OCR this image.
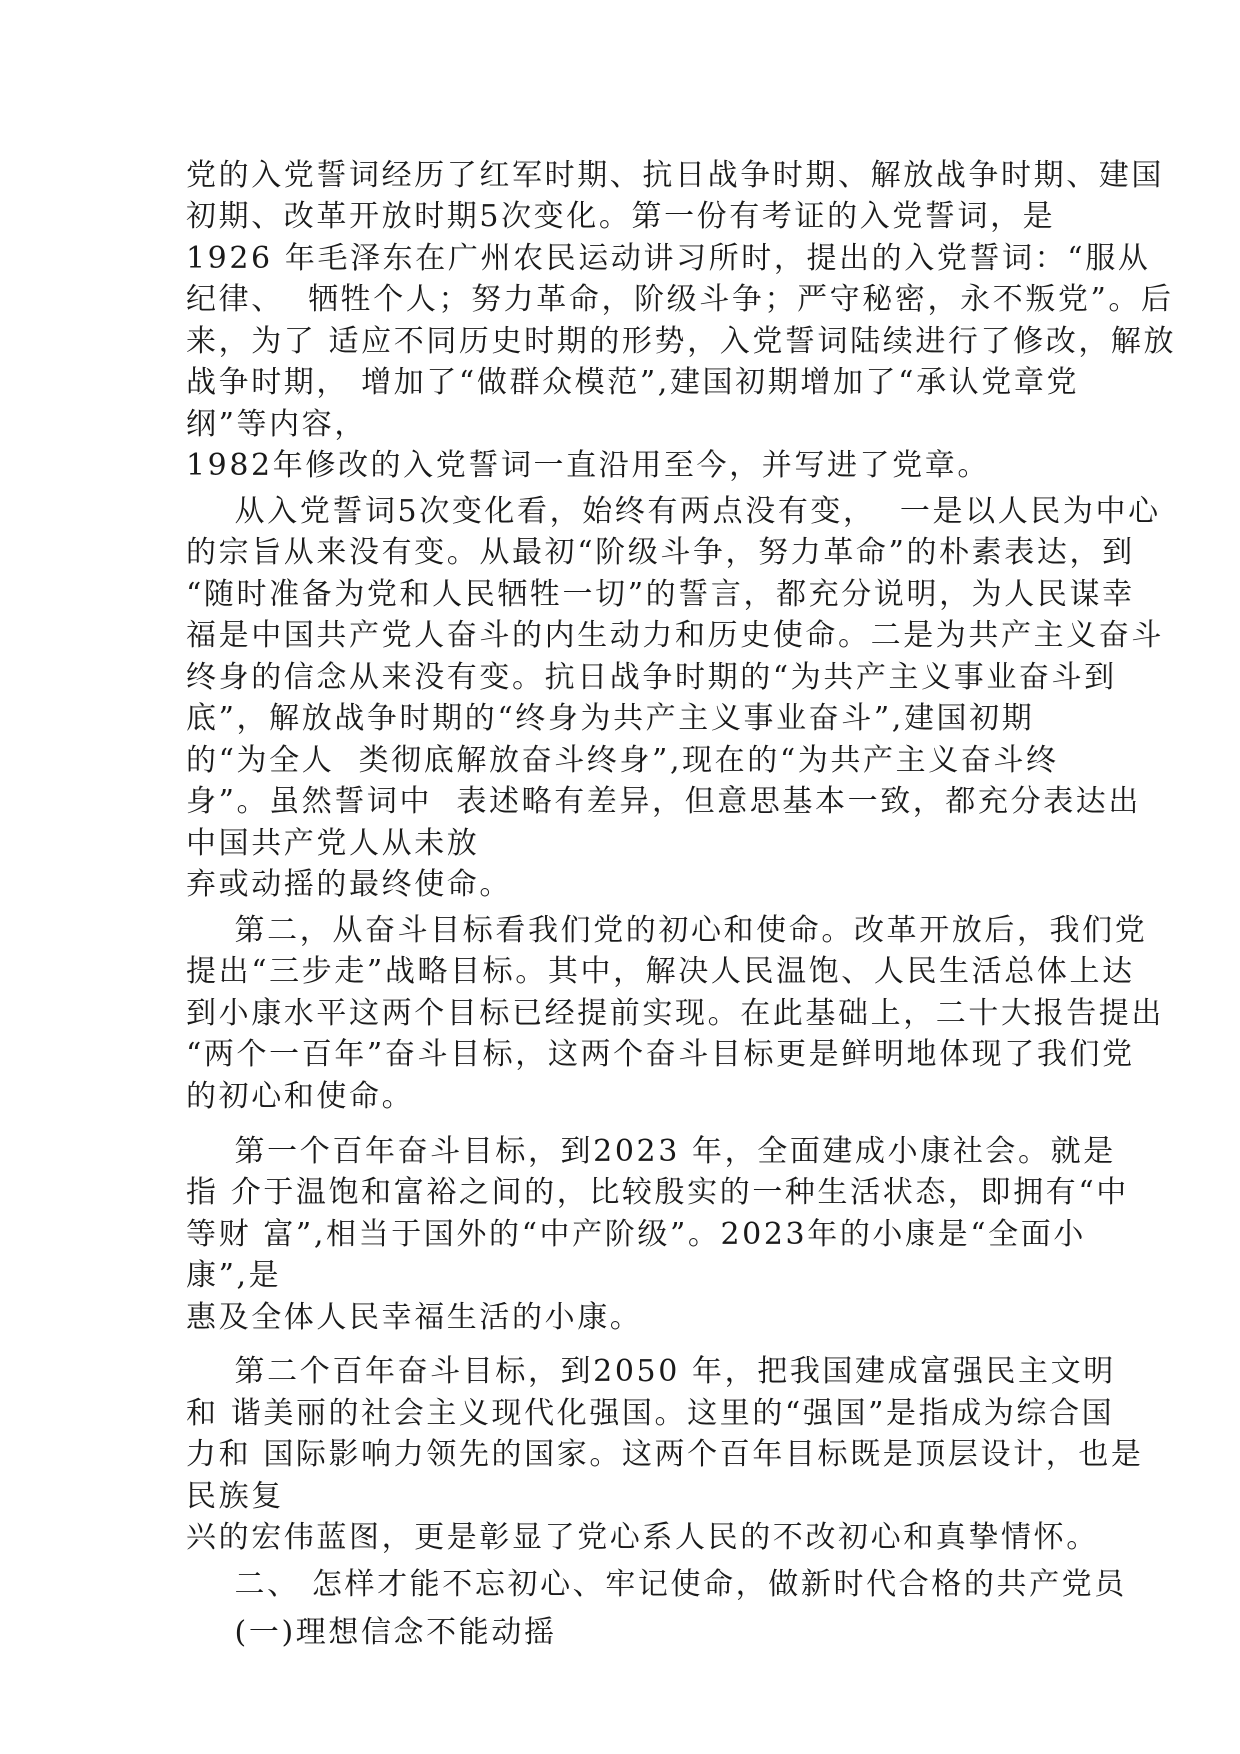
党的入党誓词经历了红军时期、抗日战争时期、解放战争时期、建国
初期、改革开放时期5次变化。第一份有考证的入党誓词，是
1926 年毛泽东在广州农民运动讲习所时，提出的入党誓词：“服从
纪律、  牺牲个人；努力革命，阶级斗争；严守秘密，永不叛党”。后
来，为了 适应不同历史时期的形势，入党誓词陆续进行了修改，解放
战争时期， 增加了“做群众模范”,建国初期增加了“承认党章党
纲”等内容，
1982年修改的入党誓词一直沿用至今，并写进了党章。
从入党誓词5次变化看，始终有两点没有变，  一是以人民为中心
的宗旨从来没有变。从最初“阶级斗争，努力革命”的朴素表达，到
“随时准备为党和人民牺牲一切”的誓言，都充分说明，为人民谋幸
福是中国共产党人奋斗的内生动力和历史使命。二是为共产主义奋斗
终身的信念从来没有变。抗日战争时期的“为共产主义事业奋斗到
底”，解放战争时期的“终身为共产主义事业奋斗”,建国初期
的“为全人  类彻底解放奋斗终身”,现在的“为共产主义奋斗终
身”。虽然誓词中  表述略有差异，但意思基本一致，都充分表达出
中国共产党人从未放
弃或动摇的最终使命。
第二，从奋斗目标看我们党的初心和使命。改革开放后，我们党
提出“三步走”战略目标。其中，解决人民温饱、人民生活总体上达
到小康水平这两个目标已经提前实现。在此基础上，二十大报告提出
“两个一百年”奋斗目标，这两个奋斗目标更是鲜明地体现了我们党
的初心和使命。
第一个百年奋斗目标，到2023 年，全面建成小康社会。就是
指 介于温饱和富裕之间的，比较殷实的一种生活状态，即拥有“中
等财 富”,相当于国外的“中产阶级”。2023年的小康是“全面小
康”,是
惠及全体人民幸福生活的小康。
第二个百年奋斗目标，到2050 年，把我国建成富强民主文明
和 谐美丽的社会主义现代化强国。这里的“强国”是指成为综合国
力和 国际影响力领先的国家。这两个百年目标既是顶层设计，也是
民族复
兴的宏伟蓝图，更是彰显了党心系人民的不改初心和真挚情怀。
二、 怎样才能不忘初心、牢记使命，做新时代合格的共产党员
(一)理想信念不能动摇
